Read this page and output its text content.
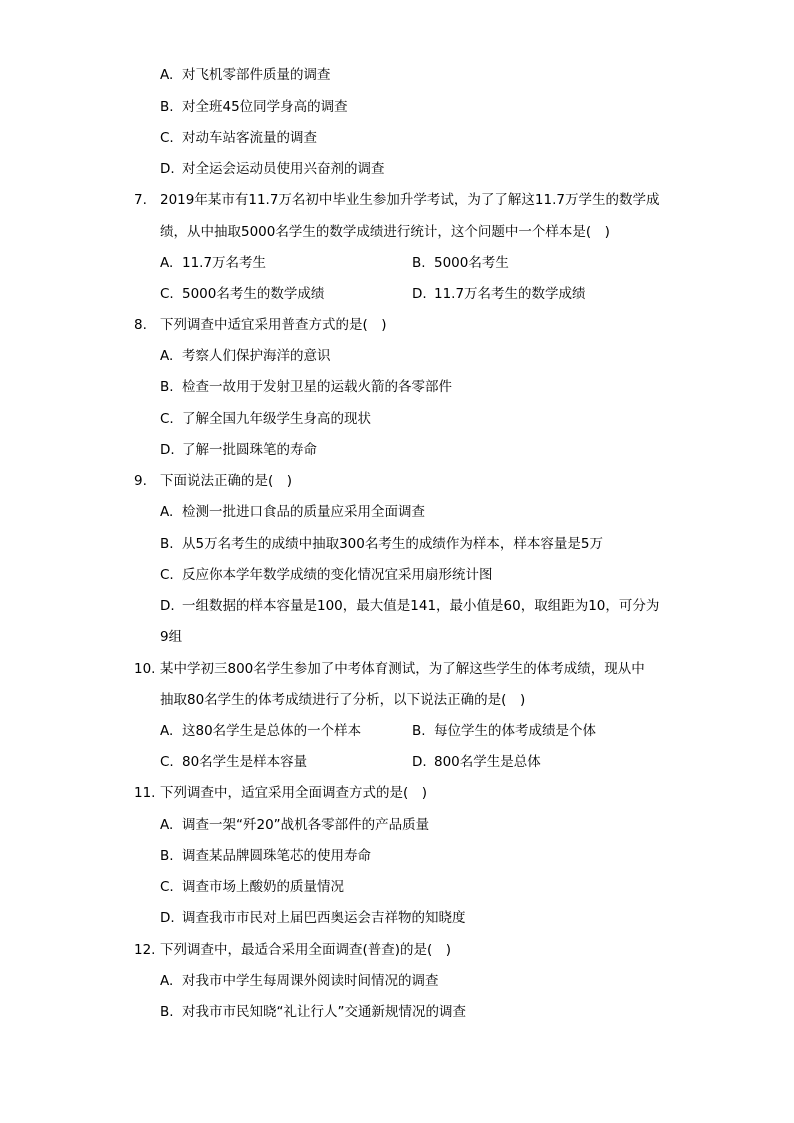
A. 对飞机零部件质量的调查
B. 对全班45位同学身高的调查
C. 对动车站客流量的调查
D. 对全运会运动员使用兴奋剂的调查
7. 2019年某市有11.7万名初中毕业生参加升学考试，为了了解这11.7万学生的数学成
绩，从中抽取5000名学生的数学成绩进行统计，这个问题中一个样本是(　)
A. 11.7万名考生	B. 5000名考生
C. 5000名考生的数学成绩	D. 11.7万名考生的数学成绩
8. 下列调查中适宜采用普查方式的是(　)
A. 考察人们保护海洋的意识
B. 检查一故用于发射卫星的运载火箭的各零部件
C. 了解全国九年级学生身高的现状
D. 了解一批圆珠笔的寿命
9. 下面说法正确的是(　)
A. 检测一批进口食品的质量应采用全面调查
B. 从5万名考生的成绩中抽取300名考生的成绩作为样本，样本容量是5万
C. 反应你本学年数学成绩的变化情况宜采用扇形统计图
D. 一组数据的样本容量是100，最大值是141，最小值是60，取组距为10，可分为
9组
10. 某中学初三800名学生参加了中考体育测试，为了解这些学生的体考成绩，现从中
抽取80名学生的体考成绩进行了分析，以下说法正确的是(　)
A. 这80名学生是总体的一个样本	B. 每位学生的体考成绩是个体
C. 80名学生是样本容量	D. 800名学生是总体
11. 下列调查中，适宜采用全面调查方式的是(　)
A. 调查一架“歼20”战机各零部件的产品质量
B. 调查某品牌圆珠笔芯的使用寿命
C. 调查市场上酸奶的质量情况
D. 调查我市市民对上届巴西奥运会吉祥物的知晓度
12. 下列调查中，最适合采用全面调查(普查)的是(　)
A. 对我市中学生每周课外阅读时间情况的调查
B. 对我市市民知晓“礼让行人”交通新规情况的调查
